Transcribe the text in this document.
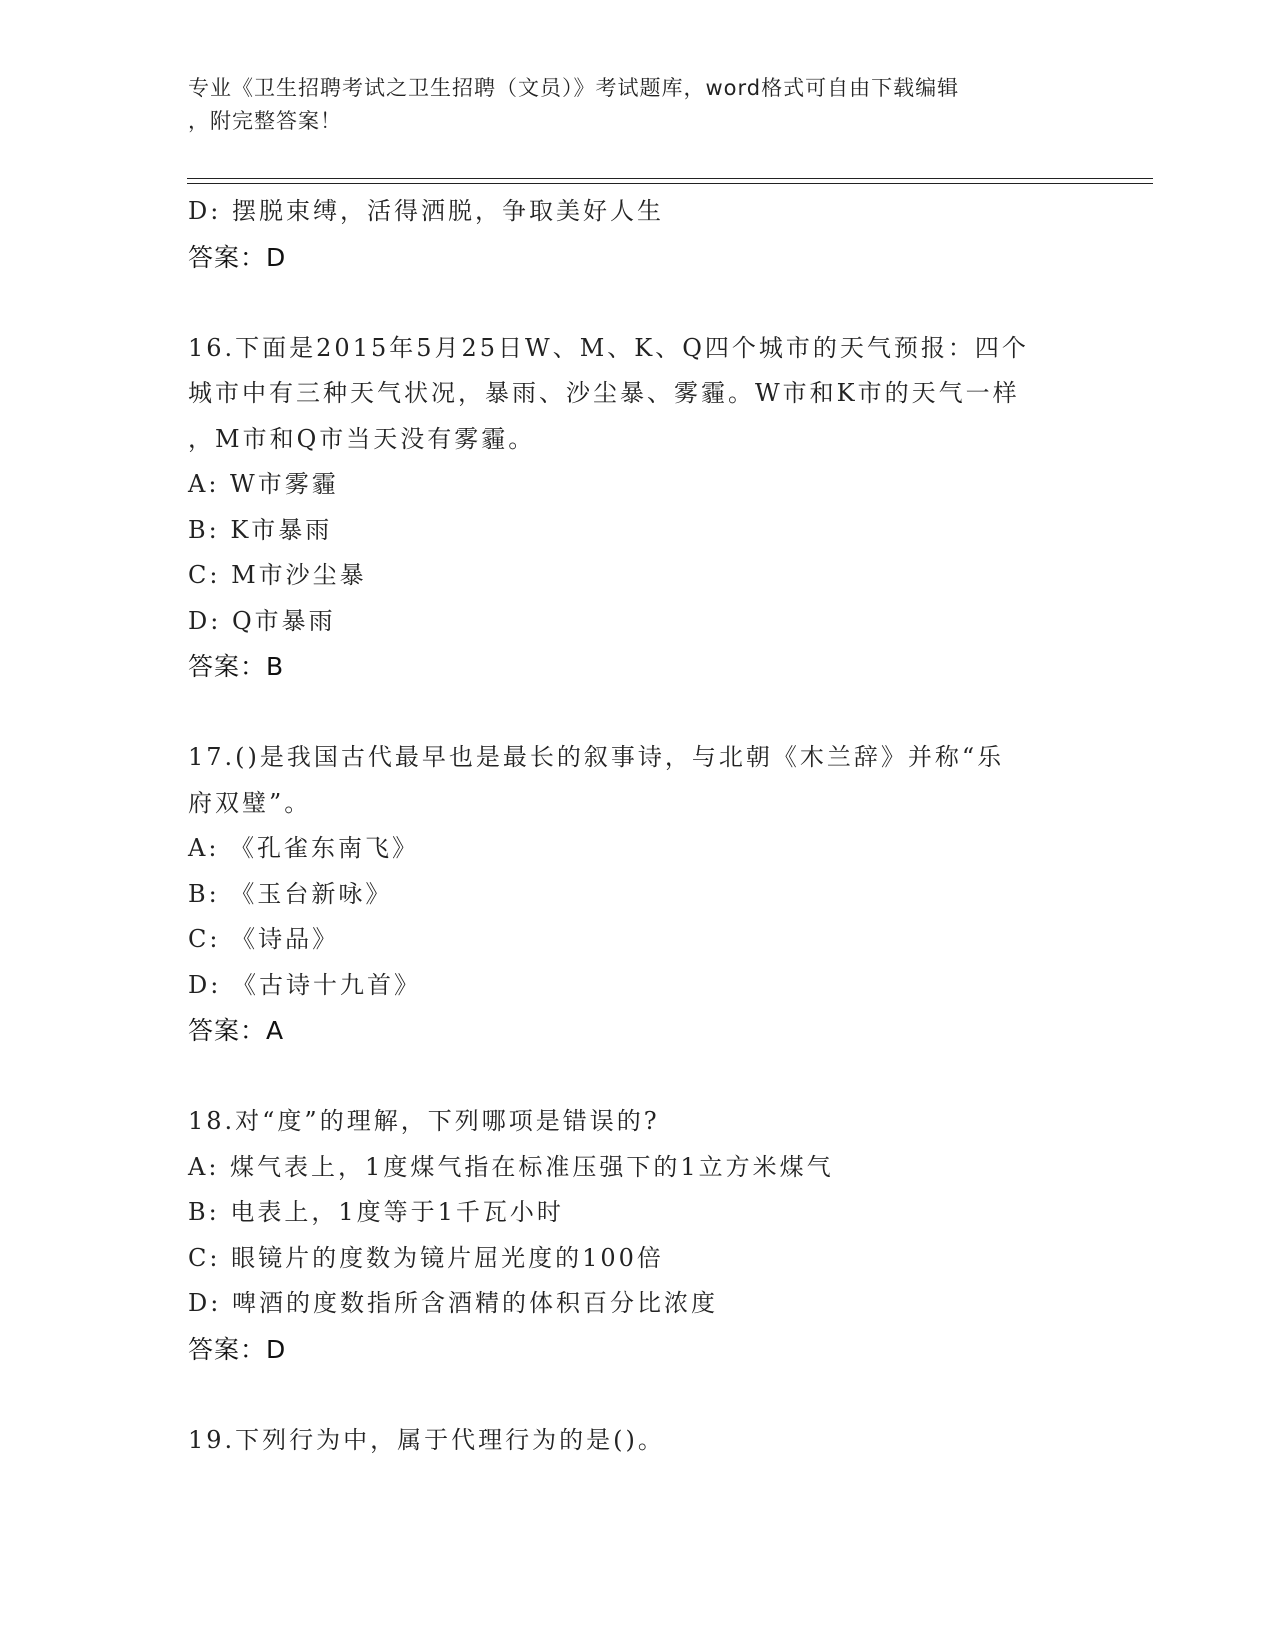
专业《卫生招聘考试之卫生招聘（文员）》考试题库，word格式可自由下载编辑
，附完整答案！
D: 摆脱束缚，活得洒脱，争取美好人生
答案：D
16.下面是2015年5月25日W、M、K、Q四个城市的天气预报：四个
城市中有三种天气状况，暴雨、沙尘暴、雾霾。W市和K市的天气一样
，M市和Q市当天没有雾霾。
A: W市雾霾
B: K市暴雨
C: M市沙尘暴
D: Q市暴雨
答案：B
17.()是我国古代最早也是最长的叙事诗，与北朝《木兰辞》并称“乐
府双璧”。
A: 《孔雀东南飞》
B: 《玉台新咏》
C: 《诗品》
D: 《古诗十九首》
答案：A
18.对“度”的理解，下列哪项是错误的?
A: 煤气表上，1度煤气指在标准压强下的1立方米煤气
B: 电表上，1度等于1千瓦小时
C: 眼镜片的度数为镜片屈光度的100倍
D: 啤酒的度数指所含酒精的体积百分比浓度
答案：D
19.下列行为中，属于代理行为的是()。
